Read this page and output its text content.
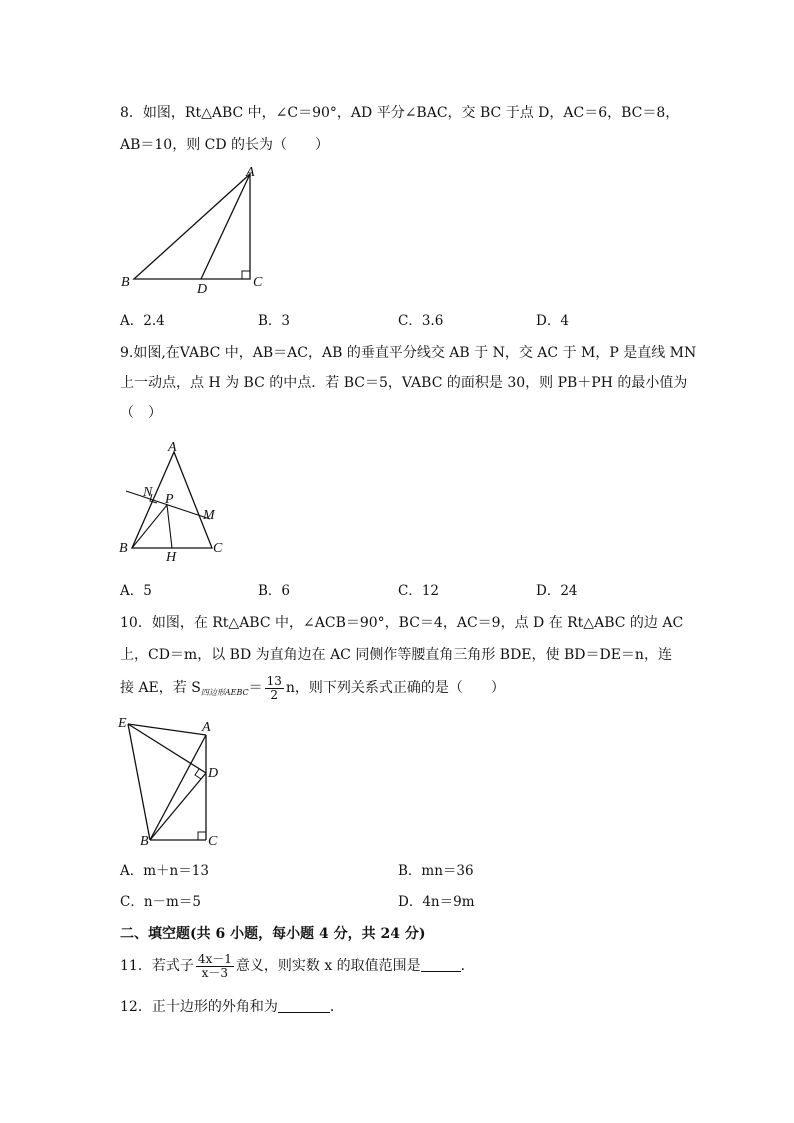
8．如图，Rt△ABC 中，∠C＝90°，AD 平分∠BAC，交 BC 于点 D，AC＝6，BC＝8，
AB＝10，则 CD 的长为（　　）
A
B	C
D
A．2.4	B．3	C．3.6	D．4
9.如图,在VABC 中，AB＝AC，AB 的垂直平分线交 AB 于 N，交 AC 于 M，P 是直线 MN
上一动点，点 H 为 BC 的中点．若 BC＝5，VABC 的面积是 30，则 PB＋PH 的最小值为
（　）
A
N P
M
B	C
H
A．5	B．6	C．12	D．24
10．如图，在 Rt△ABC 中，∠ACB＝90°，BC＝4，AC＝9，点 D 在 Rt△ABC 的边 AC
上，CD＝m，以 BD 为直角边在 AC 同侧作等腰直角三角形 BDE，使 BD＝DE＝n，连
接 AE，若 $S_{四边形AEBC}= \frac{13}{2}$ n，则下列关系式正确的是（　　）
E	A
D
B	C
A．m＋n＝13	B．mn＝36
C．n－m＝5	D．4n＝9m
二、填空题(共 6 小题，每小题 4 分，共 24 分)
11．若式子 $\frac{4x-1}{x-3}$ 意义，则实数 x 的取值范围是	．
12．正十边形的外角和为	．
